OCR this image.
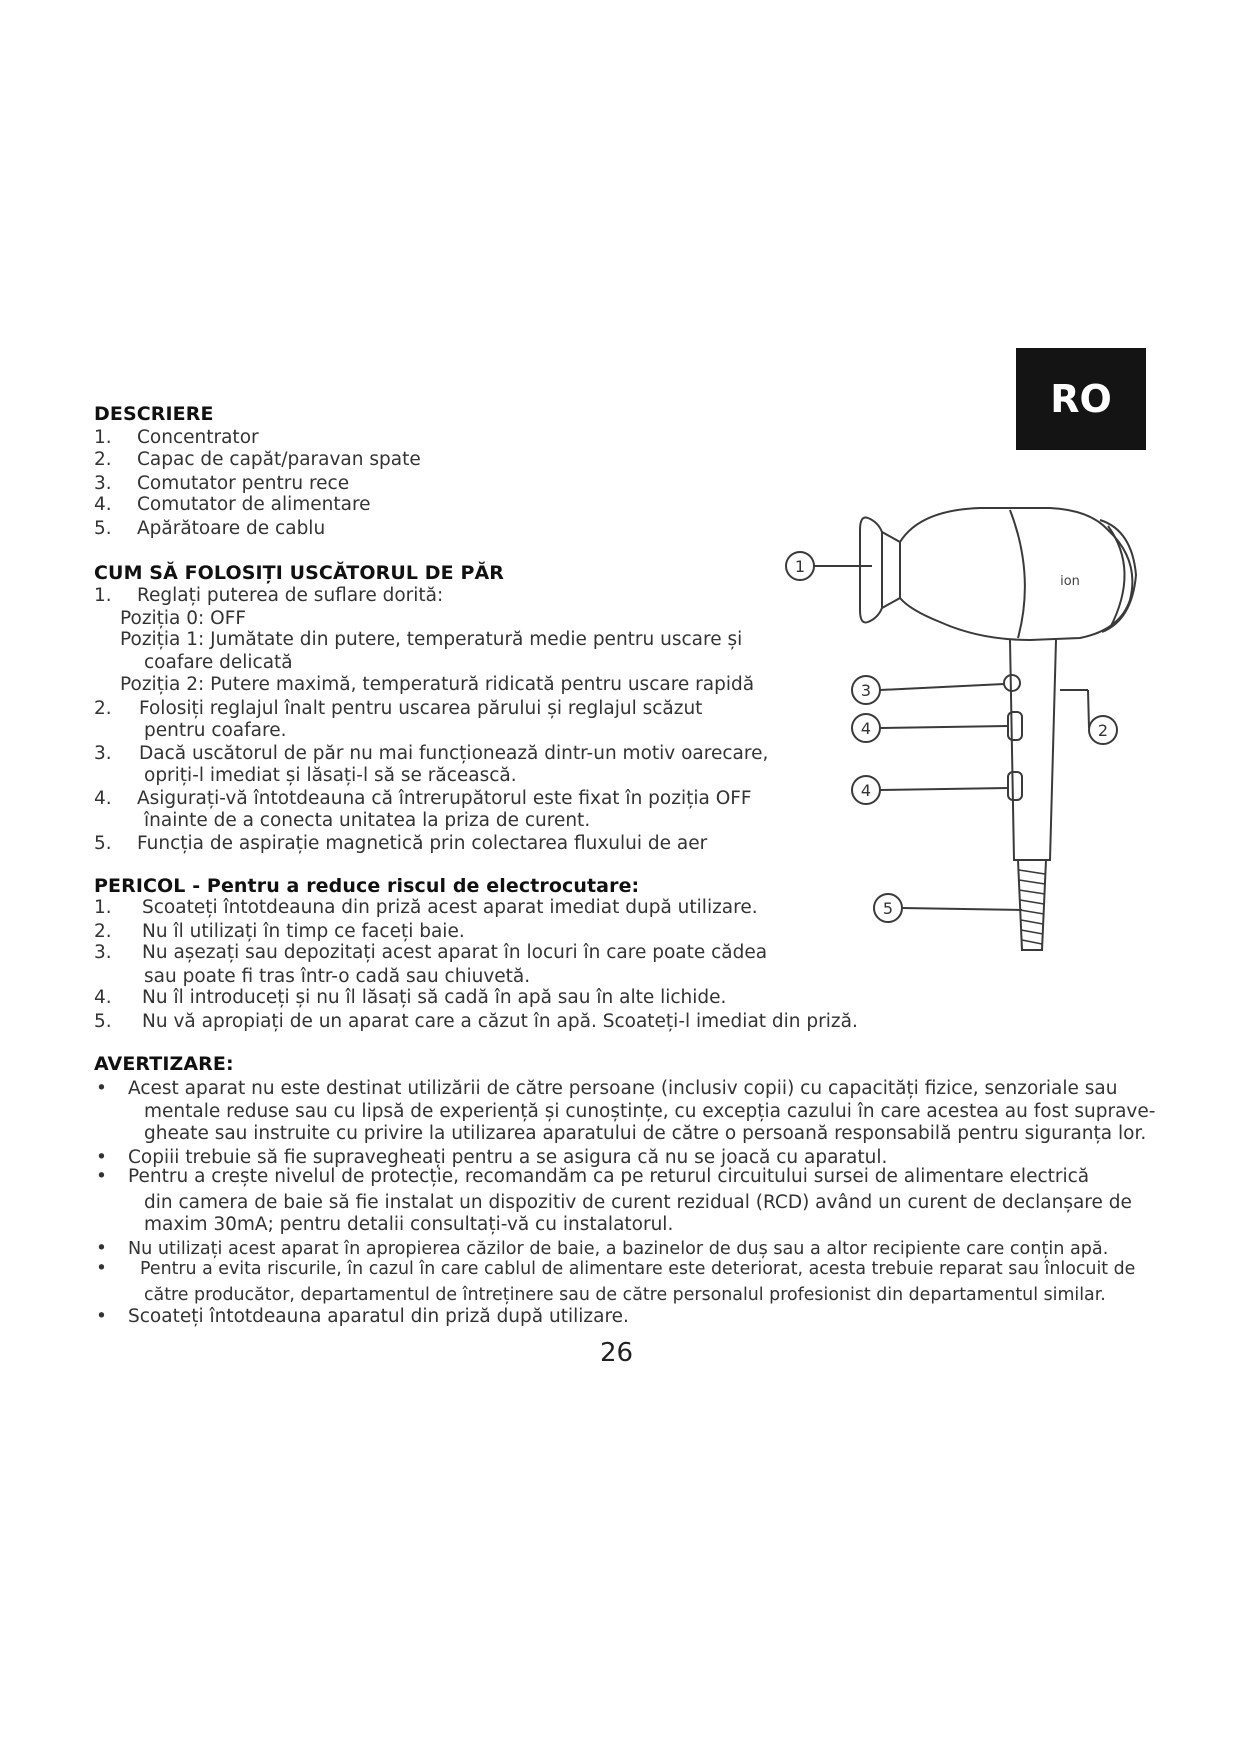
RO
DESCRIERE
1. Concentrator
2. Capac de capăt/paravan spate
3. Comutator pentru rece
4. Comutator de alimentare
5. Apărătoare de cablu
CUM SĂ FOLOSIȚI USCĂTORUL DE PĂR
1. Reglați puterea de suflare dorită:
Poziția 0: OFF
Poziția 1: Jumătate din putere, temperatură medie pentru uscare și
coafare delicată
Poziția 2: Putere maximă, temperatură ridicată pentru uscare rapidă
2. Folosiți reglajul înalt pentru uscarea părului și reglajul scăzut
pentru coafare.
3. Dacă uscătorul de păr nu mai funcționează dintr-un motiv oarecare,
opriți-l imediat și lăsați-l să se răcească.
4. Asigurați-vă întotdeauna că întrerupătorul este fixat în poziția OFF
înainte de a conecta unitatea la priza de curent.
5. Funcția de aspirație magnetică prin colectarea fluxului de aer
PERICOL - Pentru a reduce riscul de electrocutare:
1. Scoateți întotdeauna din priză acest aparat imediat după utilizare.
2. Nu îl utilizați în timp ce faceți baie.
3. Nu așezați sau depozitați acest aparat în locuri în care poate cădea
sau poate fi tras într-o cadă sau chiuvetă.
4. Nu îl introduceți și nu îl lăsați să cadă în apă sau în alte lichide.
5. Nu vă apropiați de un aparat care a căzut în apă. Scoateți-l imediat din priză.
AVERTIZARE:
• Acest aparat nu este destinat utilizării de către persoane (inclusiv copii) cu capacități fizice, senzoriale sau
mentale reduse sau cu lipsă de experiență și cunoștințe, cu excepția cazului în care acestea au fost suprave-
gheate sau instruite cu privire la utilizarea aparatului de către o persoană responsabilă pentru siguranța lor.
• Copiii trebuie să fie supravegheați pentru a se asigura că nu se joacă cu aparatul.
• Pentru a crește nivelul de protecție, recomandăm ca pe returul circuitului sursei de alimentare electrică
din camera de baie să fie instalat un dispozitiv de curent rezidual (RCD) având un curent de declanșare de
maxim 30mA; pentru detalii consultați-vă cu instalatorul.
• Nu utilizați acest aparat în apropierea căzilor de baie, a bazinelor de duș sau a altor recipiente care conțin apă.
• Pentru a evita riscurile, în cazul în care cablul de alimentare este deteriorat, acesta trebuie reparat sau înlocuit de
către producător, departamentul de întreținere sau de către personalul profesionist din departamentul similar.
• Scoateți întotdeauna aparatul din priză după utilizare.
26
1
2
3
4
4
5
ion
